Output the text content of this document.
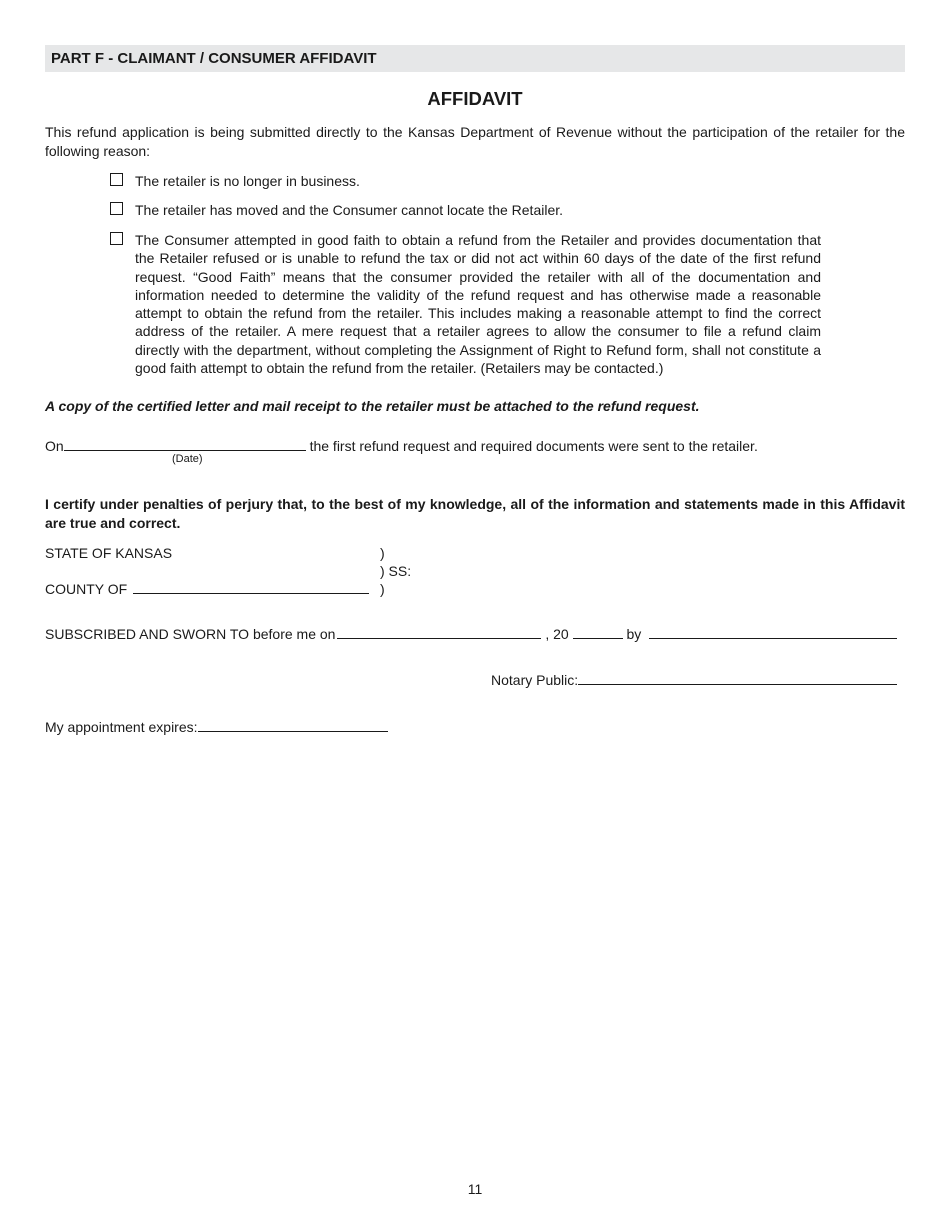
PART F - CLAIMANT / CONSUMER AFFIDAVIT
AFFIDAVIT
This refund application is being submitted directly to the Kansas Department of Revenue without the participation of the retailer for the following reason:
The retailer is no longer in business.
The retailer has moved and the Consumer cannot locate the Retailer.
The Consumer attempted in good faith to obtain a refund from the Retailer and provides documentation that the Retailer refused or is unable to refund the tax or did not act within 60 days of the date of the first refund request. “Good Faith” means that the consumer provided the retailer with all of the documentation and information needed to determine the validity of the refund request and has otherwise made a reasonable attempt to obtain the refund from the retailer. This includes making a reasonable attempt to find the correct address of the retailer. A mere request that a retailer agrees to allow the consumer to file a refund claim directly with the department, without completing the Assignment of Right to Refund form, shall not constitute a good faith attempt to obtain the refund from the retailer. (Retailers may be contacted.)
A copy of the certified letter and mail receipt to the retailer must be attached to the refund request.
On	the first refund request and required documents were sent to the retailer.
(Date)
I certify under penalties of perjury that, to the best of my knowledge, all of the information and statements made in this Affidavit are true and correct.
STATE OF KANSAS	)
) SS:
COUNTY OF	)
SUBSCRIBED AND SWORN TO before me on	, 20	by
Notary Public:
My appointment expires:
11
